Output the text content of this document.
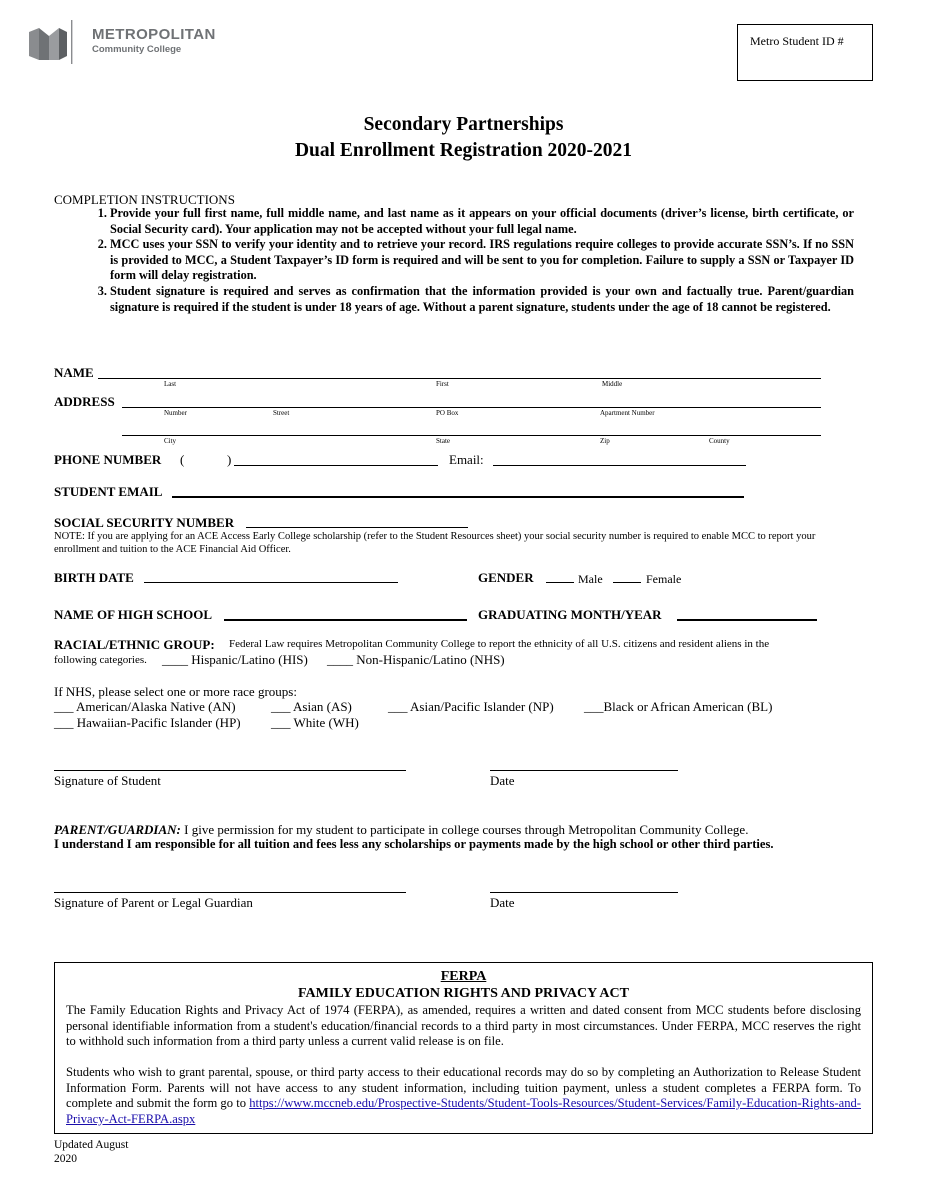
METROPOLITAN
Community College
Metro Student ID #
Secondary Partnerships
Dual Enrollment Registration 2020-2021
COMPLETION INSTRUCTIONS
1. Provide your full first name, full middle name, and last name as it appears on your official documents (driver’s license, birth certificate, or Social Security card). Your application may not be accepted without your full legal name.
2. MCC uses your SSN to verify your identity and to retrieve your record. IRS regulations require colleges to provide accurate SSN’s. If no SSN is provided to MCC, a Student Taxpayer’s ID form is required and will be sent to you for completion. Failure to supply a SSN or Taxpayer ID form will delay registration.
3. Student signature is required and serves as confirmation that the information provided is your own and factually true. Parent/guardian signature is required if the student is under 18 years of age. Without a parent signature, students under the age of 18 cannot be registered.
NAME
Last	First	Middle
ADDRESS
Number	Street	PO Box	Apartment Number
City	State	Zip	County
PHONE NUMBER (	)	Email:
STUDENT EMAIL
SOCIAL SECURITY NUMBER
NOTE: If you are applying for an ACE Access Early College scholarship (refer to the Student Resources sheet) your social security number is required to enable MCC to report your enrollment and tuition to the ACE Financial Aid Officer.
BIRTH DATE	GENDER	Male	Female
NAME OF HIGH SCHOOL	GRADUATING MONTH/YEAR
RACIAL/ETHNIC GROUP: Federal Law requires Metropolitan Community College to report the ethnicity of all U.S. citizens and resident aliens in the
following categories. ____ Hispanic/Latino (HIS) ____ Non-Hispanic/Latino (NHS)
If NHS, please select one or more race groups:
___ American/Alaska Native (AN)	___ Asian (AS)	___ Asian/Pacific Islander (NP) ___Black or African American (BL)
___ Hawaiian-Pacific Islander (HP) ___ White (WH)
Signature of Student	Date
PARENT/GUARDIAN: I give permission for my student to participate in college courses through Metropolitan Community College.
I understand I am responsible for all tuition and fees less any scholarships or payments made by the high school or other third parties.
Signature of Parent or Legal Guardian	Date
FERPA
FAMILY EDUCATION RIGHTS AND PRIVACY ACT
The Family Education Rights and Privacy Act of 1974 (FERPA), as amended, requires a written and dated consent from MCC students before disclosing personal identifiable information from a student's education/financial records to a third party in most circumstances. Under FERPA, MCC reserves the right to withhold such information from a third party unless a current valid release is on file.
Students who wish to grant parental, spouse, or third party access to their educational records may do so by completing an Authorization to Release Student Information Form. Parents will not have access to any student information, including tuition payment, unless a student completes a FERPA form. To complete and submit the form go to https://www.mccneb.edu/Prospective-Students/Student-Tools-Resources/Student-Services/Family-Education-Rights-and-Privacy-Act-FERPA.aspx
Updated August
2020
